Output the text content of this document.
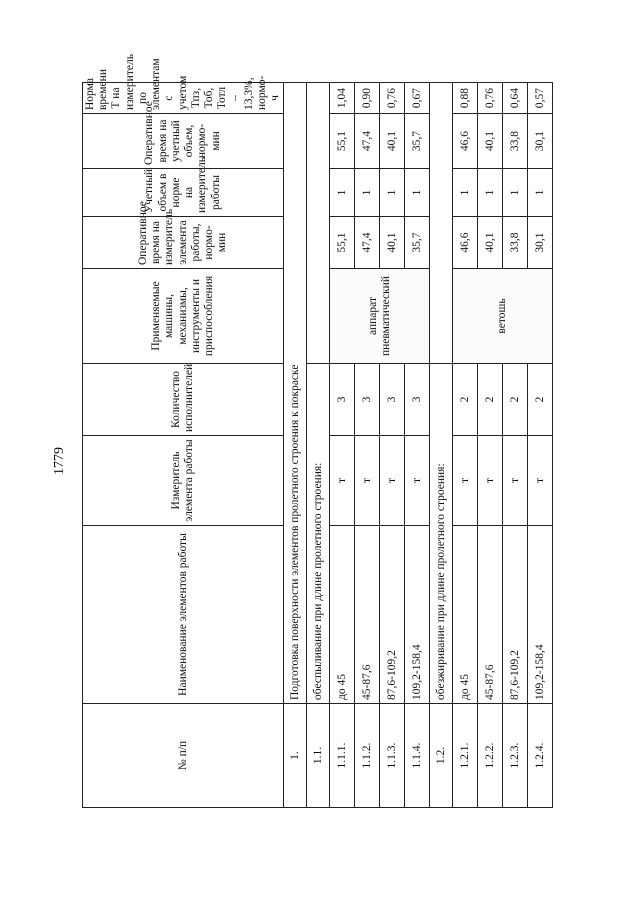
1779
№ п/п	Наименование элементов работы	Измеритель элемента работы	Количество исполнителей	Применяемые машины, механизмы, инструменты и приспособления	Оперативное время на измеритель элемента работы, нормо-мин	Учетный объем в норме на измеритель работы	Оперативное время на учетный объем, нормо-мин	Норма времени Т на измеритель по элементам с учетом Тпз, Тоб, Тотл – 13,3%, нормо-ч
1.	Подготовка поверхности элементов пролетного строения к покраске							
1.1.	обеспыливание при длине пролетного строения:							
1.1.1.	до 45	т	3	аппарат пневматический	55,1	1	55,1	1,04
1.1.2.	45-87,6	т	3		47,4	1	47,4	0,90
1.1.3.	87,6-109,2	т	3		40,1	1	40,1	0,76
1.1.4.	109,2-158,4	т	3		35,7	1	35,7	0,67
1.2.	обезжиривание при длине пролетного строения:							
1.2.1.	до 45	т	2	ветошь	46,6	1	46,6	0,88
1.2.2.	45-87,6	т	2		40,1	1	40,1	0,76
1.2.3.	87,6-109,2	т	2		33,8	1	33,8	0,64
1.2.4.	109,2-158,4	т	2		30,1	1	30,1	0,57
